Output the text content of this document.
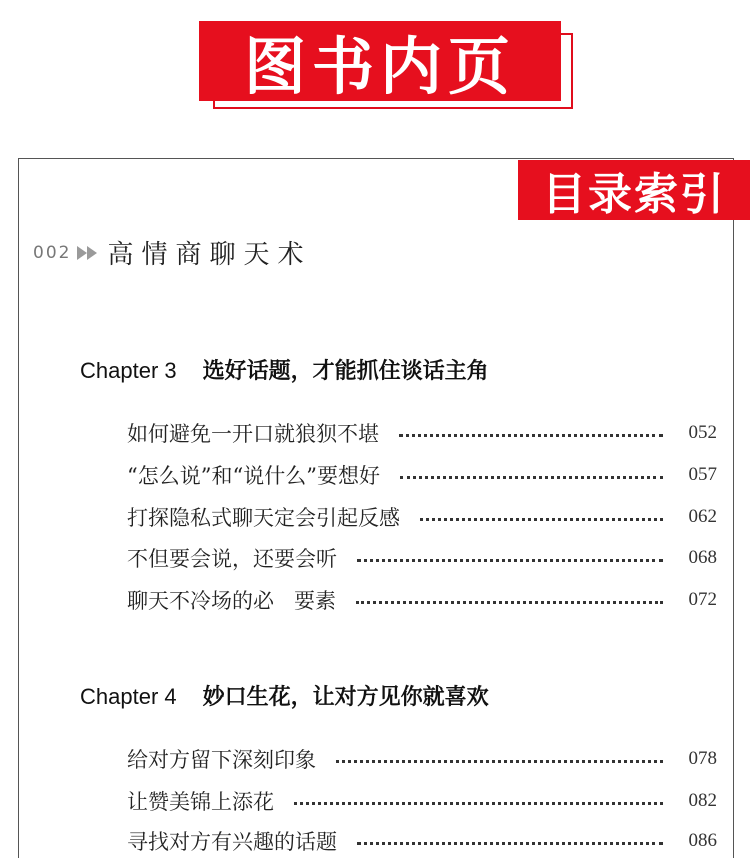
图书内页
目录索引
002 高情商聊天术
Chapter 3 选好话题，才能抓住谈话主角
如何避免一开口就狼狈不堪	052
“怎么说”和“说什么”要想好	057
打探隐私式聊天定会引起反感	062
不但要会说，还要会听	068
聊天不冷场的必   要素	072
Chapter 4 妙口生花，让对方见你就喜欢
给对方留下深刻印象	078
让赞美锦上添花	082
寻找对方有兴趣的话题	086
